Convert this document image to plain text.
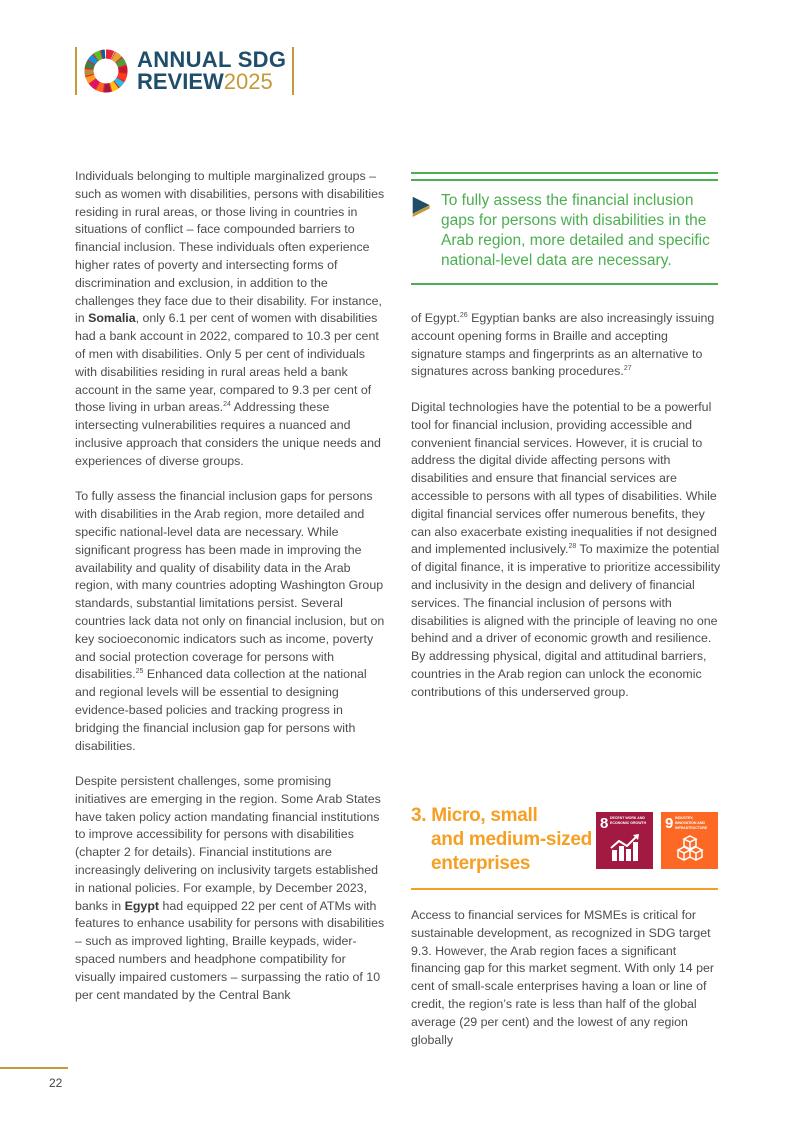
ANNUAL SDG
REVIEW2025

Individuals belonging to multiple marginalized groups – such as women with disabilities, persons with disabilities residing in rural areas, or those living in countries in situations of conflict – face compounded barriers to financial inclusion. These individuals often experience higher rates of poverty and intersecting forms of discrimination and exclusion, in addition to the challenges they face due to their disability. For instance, in Somalia, only 6.1 per cent of women with disabilities had a bank account in 2022, compared to 10.3 per cent of men with disabilities. Only 5 per cent of individuals with disabilities residing in rural areas held a bank account in the same year, compared to 9.3 per cent of those living in urban areas.$^{24}$ Addressing these intersecting vulnerabilities requires a nuanced and inclusive approach that considers the unique needs and experiences of diverse groups.

To fully assess the financial inclusion gaps for persons with disabilities in the Arab region, more detailed and specific national-level data are necessary. While significant progress has been made in improving the availability and quality of disability data in the Arab region, with many countries adopting Washington Group standards, substantial limitations persist. Several countries lack data not only on financial inclusion, but on key socioeconomic indicators such as income, poverty and social protection coverage for persons with disabilities.$^{25}$ Enhanced data collection at the national and regional levels will be essential to designing evidence-based policies and tracking progress in bridging the financial inclusion gap for persons with disabilities.

Despite persistent challenges, some promising initiatives are emerging in the region. Some Arab States have taken policy action mandating financial institutions to improve accessibility for persons with disabilities (chapter 2 for details). Financial institutions are increasingly delivering on inclusivity targets established in national policies. For example, by December 2023, banks in Egypt had equipped 22 per cent of ATMs with features to enhance usability for persons with disabilities – such as improved lighting, Braille keypads, wider-spaced numbers and headphone compatibility for visually impaired customers – surpassing the ratio of 10 per cent mandated by the Central Bank

To fully assess the financial inclusion gaps for persons with disabilities in the Arab region, more detailed and specific national-level data are necessary.

of Egypt.$^{26}$ Egyptian banks are also increasingly issuing account opening forms in Braille and accepting signature stamps and fingerprints as an alternative to signatures across banking procedures.$^{27}$

Digital technologies have the potential to be a powerful tool for financial inclusion, providing accessible and convenient financial services. However, it is crucial to address the digital divide affecting persons with disabilities and ensure that financial services are accessible to persons with all types of disabilities. While digital financial services offer numerous benefits, they can also exacerbate existing inequalities if not designed and implemented inclusively.$^{28}$ To maximize the potential of digital finance, it is imperative to prioritize accessibility and inclusivity in the design and delivery of financial services. The financial inclusion of persons with disabilities is aligned with the principle of leaving no one behind and a driver of economic growth and resilience. By addressing physical, digital and attitudinal barriers, countries in the Arab region can unlock the economic contributions of this underserved group.

3. Micro, small
and medium-sized
enterprises
8 DECENT WORK AND ECONOMIC GROWTH 9 INDUSTRY, INNOVATION AND INFRASTRUCTURE

Access to financial services for MSMEs is critical for sustainable development, as recognized in SDG target 9.3. However, the Arab region faces a significant financing gap for this market segment. With only 14 per cent of small-scale enterprises having a loan or line of credit, the region’s rate is less than half of the global average (29 per cent) and the lowest of any region globally

22
